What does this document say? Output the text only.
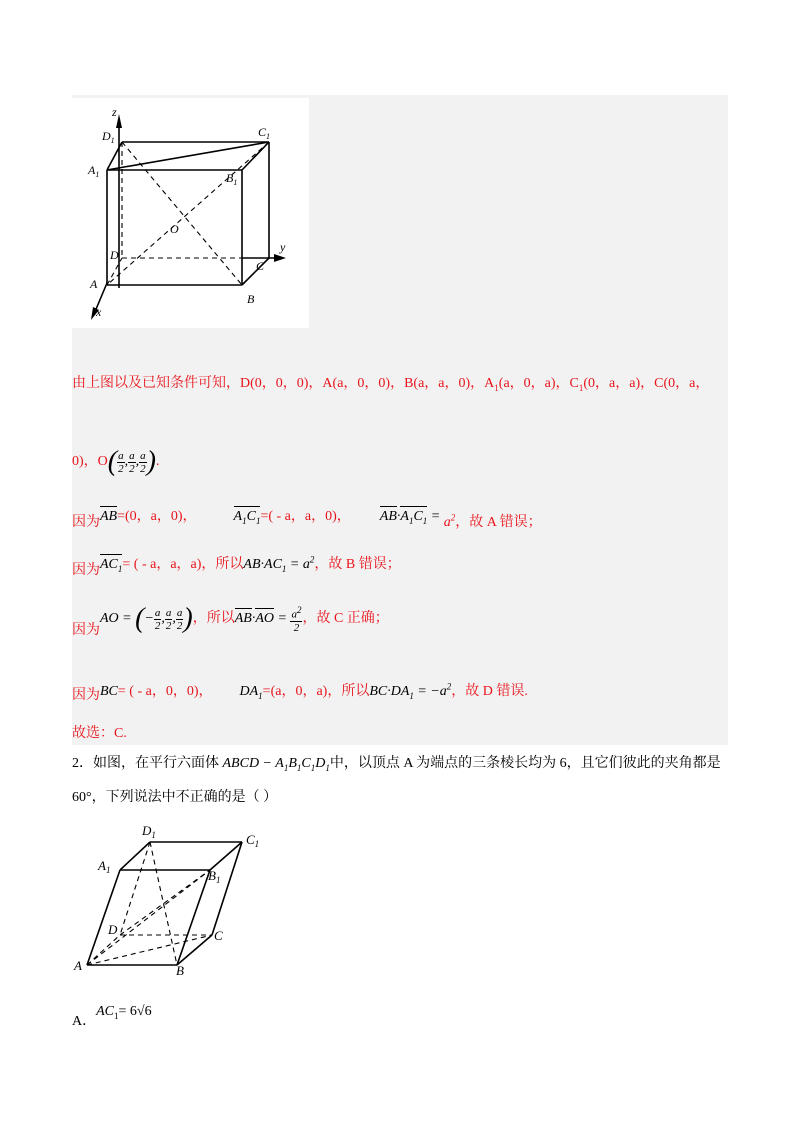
z
y
x
$D_1$
$C_1$
$A_1$	$B_1$
O
D
C
A
B
由上图以及已知条件可知，D(0，0，0)，A(a，0，0)，B(a，a，0)，$A_1(a$，0，a)，$C_1(0$，a，a)，C(0，a，
0)，$O( \frac{a}{2}$ , $\frac{a}{2}$ , $\frac{a}{2}$ ).
因为AB=(0，a，0)，	$A_1C_1=( - a$，a，0)， $AB\cdot A_1C_1 = a^2$，故 A 错误；
因为$AC_1=$ ( - a，a，a)，所以$AB\cdot AC_1 = a^2$，故 B 错误；
因为AO = (− $\frac{a}{2}$ , $\frac{a}{2}$ , $\frac{a}{2}$ )，所以$AB\cdot AO = \frac{a^2}{2}$ ，故 C 正确；
因为BC= ( - a，0，0)， $DA_1=(a$，0，a)，所以$BC\cdot DA_1 = -a^2$，故 D 错误.
故选：C.
2．如图，在平行六面体 ABCD − $A_1B_1C_1D_1$中，以顶点 A 为端点的三条棱长均为 6，且它们彼此的夹角都是
60°，下列说法中不正确的是（ ）
$D_1$	$C_1$
$A_1$	$B_1$
D	C
A	B
A．$AC_1= 6√6$
